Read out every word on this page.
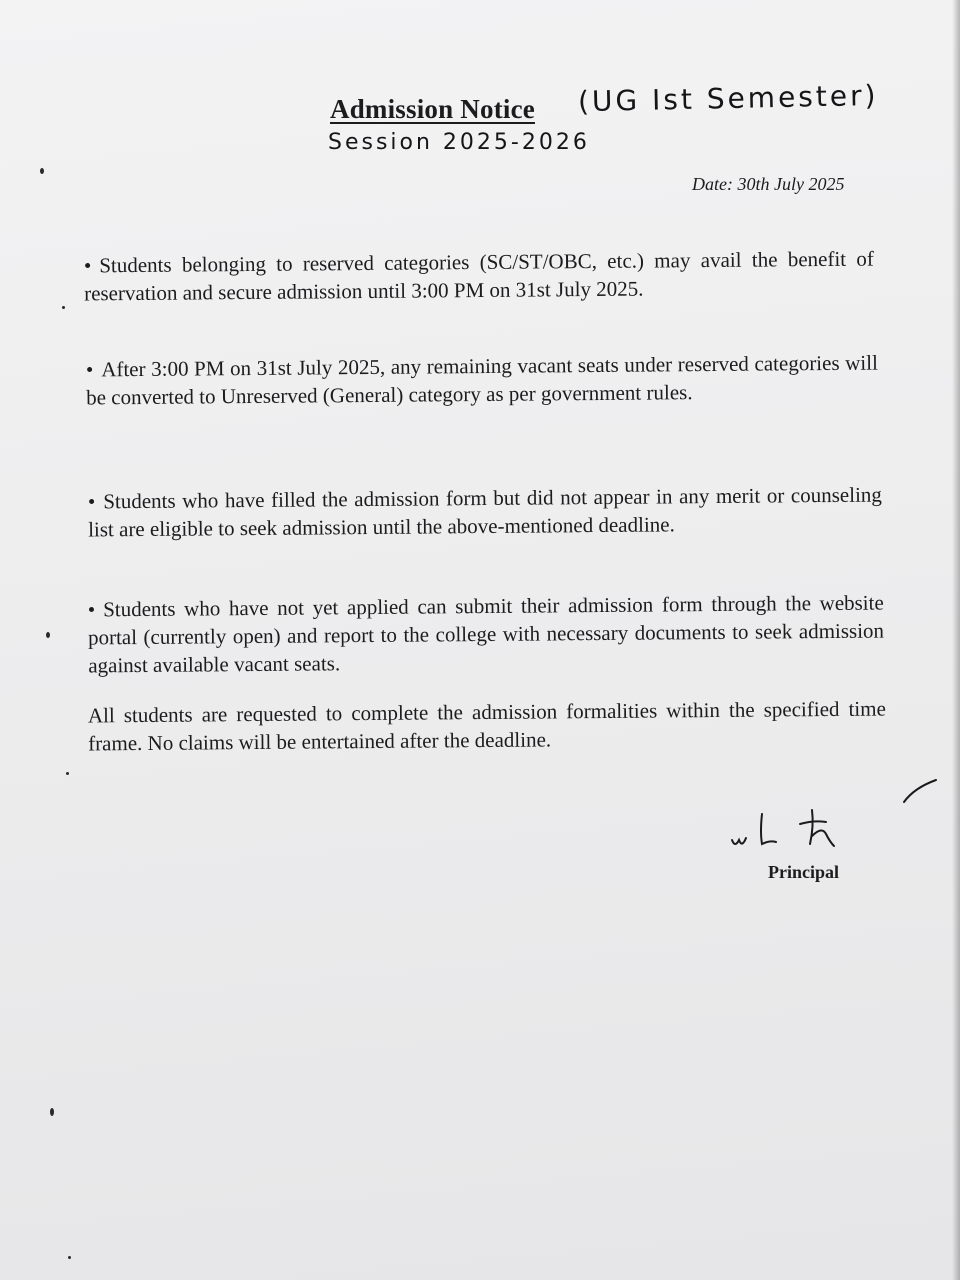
Admission Notice (UG Ist Semester)
Session 2025-2026

Date: 30th July 2025

• Students belonging to reserved categories (SC/ST/OBC, etc.) may avail the benefit of reservation and secure admission until 3:00 PM on 31st July 2025.

• After 3:00 PM on 31st July 2025, any remaining vacant seats under reserved categories will be converted to Unreserved (General) category as per government rules.

• Students who have filled the admission form but did not appear in any merit or counseling list are eligible to seek admission until the above-mentioned deadline.

• Students who have not yet applied can submit their admission form through the website portal (currently open) and report to the college with necessary documents to seek admission against available vacant seats.

All students are requested to complete the admission formalities within the specified time frame. No claims will be entertained after the deadline.

Principal
